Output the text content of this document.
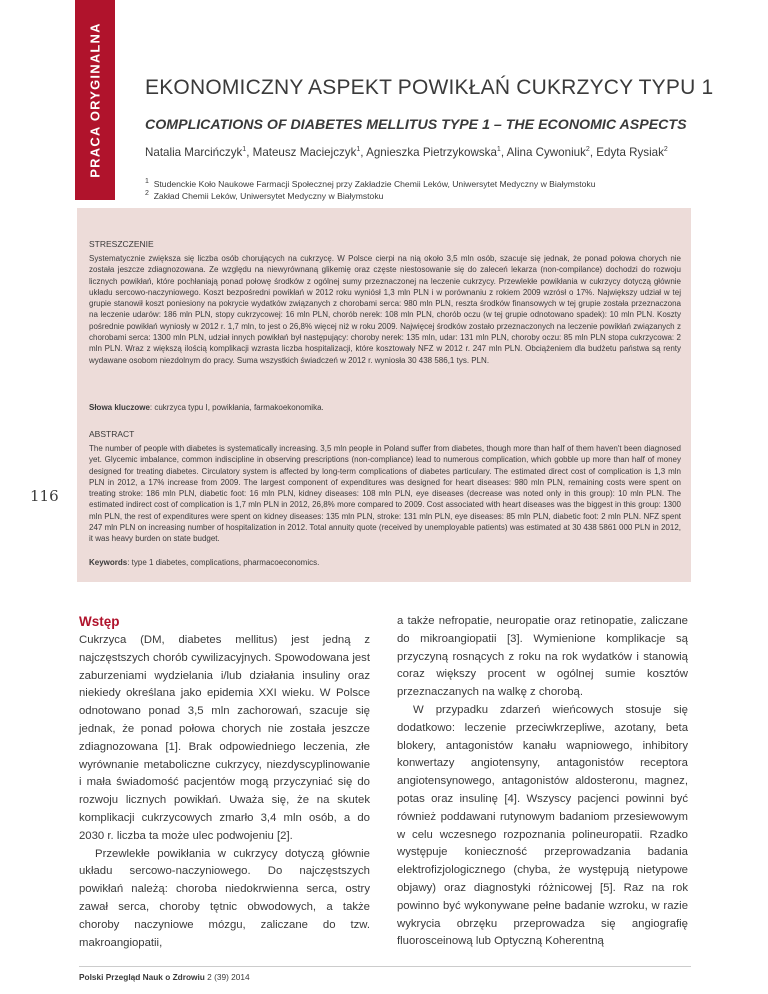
PRACA ORYGINALNA EKONOMICZNY ASPEKT POWIKŁAŃ CUKRZYCY TYPU 1
COMPLICATIONS OF DIABETES MELLITUS TYPE 1 – THE ECONOMIC ASPECTS
Natalia Marcińczyk$^1$, Mateusz Maciejczyk$^1$, Agnieszka Pietrzykowska$^1$, Alina Cywoniuk$^2$, Edyta Rysiak$^2$
$^1$ Studenckie Koło Naukowe Farmacji Społecznej przy Zakładzie Chemii Leków, Uniwersytet Medyczny w Białymstoku
$^2$ Zakład Chemii Leków, Uniwersytet Medyczny w Białymstoku
STRESZCZENIE

Systematycznie zwiększa się liczba osób chorujących na cukrzycę. W Polsce cierpi na nią około 3,5 mln osób, szacuje się jednak, że ponad połowa chorych nie została jeszcze zdiagnozowana. Ze względu na niewyrównaną glikemię oraz częste niestosowanie się do zaleceń lekarza (non-compilance) dochodzi do rozwoju licznych powikłań, które pochłaniają ponad połowę środków z ogólnej sumy przeznaczonej na leczenie cukrzycy. Przewlekłe powikłania w cukrzycy dotyczą głównie układu sercowo-naczyniowego. Koszt bezpośredni powikłań w 2012 roku wyniósł 1,3 mln PLN i w porównaniu z rokiem 2009 wzrósł o 17%. Największy udział w tej grupie stanowił koszt poniesiony na pokrycie wydatków związanych z chorobami serca: 980 mln PLN, reszta środków finansowych w tej grupie została przeznaczona na leczenie udarów: 186 mln PLN, stopy cukrzycowej: 16 mln PLN, chorób nerek: 108 mln PLN, chorób oczu (w tej grupie odnotowano spadek): 10 mln PLN. Koszty pośrednie powikłań wyniosły w 2012 r. 1,7 mln, to jest o 26,8% więcej niż w roku 2009. Najwięcej środków zostało przeznaczonych na leczenie powikłań związanych z chorobami serca: 1300 mln PLN, udział innych powikłań był następujący: choroby nerek: 135 mln, udar: 131 mln PLN, choroby oczu: 85 mln PLN stopa cukrzycowa: 2 mln PLN. Wraz z większą ilością komplikacji wzrasta liczba hospitalizacji, które kosztowały NFZ w 2012 r. 247 mln PLN. Obciążeniem dla budżetu państwa są renty wydawane osobom niezdolnym do pracy. Suma wszystkich świadczeń w 2012 r. wyniosła 30 438 586,1 tys. PLN.

Słowa kluczowe: cukrzyca typu I, powikłania, farmakoekonomika.
ABSTRACT

The number of people with diabetes is systematically increasing. 3,5 mln people in Poland suffer from diabetes, though more than half of them haven't been diagnosed yet. Glycemic imbalance, common indiscipline in observing prescriptions (non-compliance) lead to numerous complication, which gobble up more than half of money designed for treating diabetes. Circulatory system is affected by long-term complications of diabetes particulary. The estimated direct cost of complication is 1,3 mln PLN in 2012, a 17% increase from 2009. The largest component of expenditures was designed for heart diseases: 980 mln PLN, remaining costs were spent on treating stroke: 186 mln PLN, diabetic foot: 16 mln PLN, kidney diseases: 108 mln PLN, eye diseases (decrease was noted only in this group): 10 mln PLN. The estimated indirect cost of complication is 1,7 mln PLN in 2012, 26,8% more compared to 2009. Cost associated with heart diseases was the biggest in this group: 1300 mln PLN, the rest of expenditures were spent on kidney diseases: 135 mln PLN, stroke: 131 mln PLN, eye diseases: 85 mln PLN, diabetic foot: 2 mln PLN. NFZ spent 247 mln PLN on increasing number of hospitalization in 2012. Total annuity quote (received by unemployable patients) was estimated at 30 438 5861 000 PLN in 2012, it was heavy burden on state budget.

Keywords: type 1 diabetes, complications, pharmacoeconomics.
116
Wstęp

Cukrzyca (DM, diabetes mellitus) jest jedną z najczęstszych chorób cywilizacyjnych. Spowodowana jest zaburzeniami wydzielania i/lub działania insuliny oraz niekiedy określana jako epidemia XXI wieku. W Polsce odnotowano ponad 3,5 mln zachorowań, szacuje się jednak, że ponad połowa chorych nie została jeszcze zdiagnozowana [1]. Brak odpowiedniego leczenia, złe wyrównanie metaboliczne cukrzycy, niezdyscyplinowanie i mała świadomość pacjentów mogą przyczyniać się do rozwoju licznych powikłań. Uważa się, że na skutek komplikacji cukrzycowych zmarło 3,4 mln osób, a do 2030 r. liczba ta może ulec podwojeniu [2].

Przewlekłe powikłania w cukrzycy dotyczą głównie układu sercowo-naczyniowego. Do najczęstszych powikłań należą: choroba niedokrwienna serca, ostry zawał serca, choroby tętnic obwodowych, a także choroby naczyniowe mózgu, zaliczane do tzw. makroangiopatii,

a także nefropatie, neuropatie oraz retinopatie, zaliczane do mikroangiopatii [3]. Wymienione komplikacje są przyczyną rosnących z roku na rok wydatków i stanowią coraz większy procent w ogólnej sumie kosztów przeznaczanych na walkę z chorobą.

W przypadku zdarzeń wieńcowych stosuje się dodatkowo: leczenie przeciwkrzepliwe, azotany, beta blokery, antagonistów kanału wapniowego, inhibitory konwertazy angiotensyny, antagonistów receptora angiotensynowego, antagonistów aldosteronu, magnez, potas oraz insulinę [4]. Wszyscy pacjenci powinni być również poddawani rutynowym badaniom przesiewowym w celu wczesnego rozpoznania polineuropatii. Rzadko występuje konieczność przeprowadzania badania elektrofizjologicznego (chyba, że występują nietypowe objawy) oraz diagnostyki różnicowej [5]. Raz na rok powinno być wykonywane pełne badanie wzroku, w razie wykrycia obrzęku przeprowadza się angiografię fluorosceinową lub Optyczną Koherentną

Polski Przegląd Nauk o Zdrowiu 2 (39) 2014
